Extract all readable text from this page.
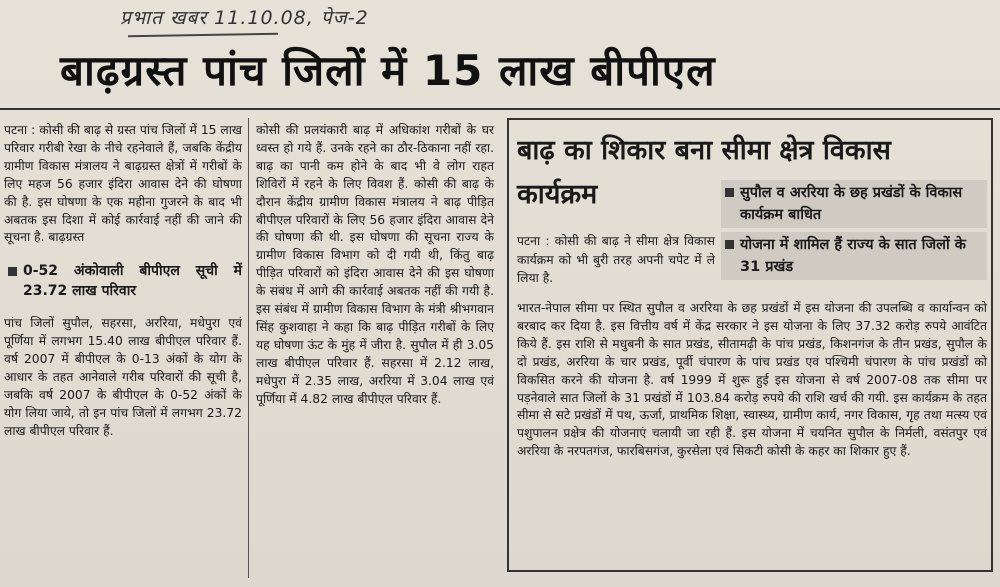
प्रभात खबर 11.10.08, पेज-2
बाढ़ग्रस्त पांच जिलों में 15 लाख बीपीएल

पटना : कोसी की बाढ़ से ग्रस्त पांच जिलों में 15 लाख परिवार गरीबी रेखा के नीचे रहनेवाले हैं, जबकि केंद्रीय ग्रामीण विकास मंत्रालय ने बाढ़ग्रस्त क्षेत्रों में गरीबों के लिए महज 56 हजार इंदिरा आवास देने की घोषणा की है. इस घोषणा के एक महीना गुजरने के बाद भी अबतक इस दिशा में कोई कार्रवाई नहीं की जाने की सूचना है. बाढ़ग्रस्त

0-52 अंकोवाली बीपीएल सूची में 23.72 लाख परिवार

पांच जिलों सुपौल, सहरसा, अररिया, मधेपुरा एवं पूर्णिया में लगभग 15.40 लाख बीपीएल परिवार हैं. वर्ष 2007 में बीपीएल के 0-13 अंकों के योग के आधार के तहत आनेवाले गरीब परिवारों की सूची है, जबकि वर्ष 2007 के बीपीएल के 0-52 अंकों के योग लिया जाये, तो इन पांच जिलों में लगभग 23.72 लाख बीपीएल परिवार हैं.

कोसी की प्रलयंकारी बाढ़ में अधिकांश गरीबों के घर ध्वस्त हो गये हैं. उनके रहने का ठौर-ठिकाना नहीं रहा. बाढ़ का पानी कम होने के बाद भी वे लोग राहत शिविरों में रहने के लिए विवश हैं. कोसी की बाढ़ के दौरान केंद्रीय ग्रामीण विकास मंत्रालय ने बाढ़ पीड़ित बीपीएल परिवारों के लिए 56 हजार इंदिरा आवास देने की घोषणा की थी. इस घोषणा की सूचना राज्य के ग्रामीण विकास विभाग को दी गयी थी, किंतु बाढ़ पीड़ित परिवारों को इंदिरा आवास देने की इस घोषणा के संबंध में आगे की कार्रवाई अबतक नहीं की गयी है. इस संबंध में ग्रामीण विकास विभाग के मंत्री श्रीभगवान सिंह कुशवाहा ने कहा कि बाढ़ पीड़ित गरीबों के लिए यह घोषणा ऊंट के मुंह में जीरा है. सुपौल में ही 3.05 लाख बीपीएल परिवार हैं. सहरसा में 2.12 लाख, मधेपुरा में 2.35 लाख, अररिया में 3.04 लाख एवं पूर्णिया में 4.82 लाख बीपीएल परिवार हैं.

बाढ़ का शिकार बना सीमा क्षेत्र विकास
कार्यक्रम	सुपौल व अररिया के छह प्रखंडों के विकास कार्यक्रम बाधित
योजना में शामिल हैं राज्य के सात जिलों के 31 प्रखंड
पटना : कोसी की बाढ़ ने सीमा क्षेत्र विकास कार्यक्रम को भी बुरी तरह अपनी चपेट में ले लिया है.
भारत-नेपाल सीमा पर स्थित सुपौल व अररिया के छह प्रखंडों में इस योजना की उपलब्धि व कार्यान्वन को बरबाद कर दिया है. इस वित्तीय वर्ष में केंद्र सरकार ने इस योजना के लिए 37.32 करोड़ रुपये आवंटित किये हैं. इस राशि से मधुबनी के सात प्रखंड, सीतामढ़ी के पांच प्रखंड, किशनगंज के तीन प्रखंड, सुपौल के दो प्रखंड, अररिया के चार प्रखंड, पूर्वी चंपारण के पांच प्रखंड एवं पश्चिमी चंपारण के पांच प्रखंडों को विकसित करने की योजना है. वर्ष 1999 में शुरू हुई इस योजना से वर्ष 2007-08 तक सीमा पर पड़नेवाले सात जिलों के 31 प्रखंडों में 103.84 करोड़ रुपये की राशि खर्च की गयी. इस कार्यक्रम के तहत सीमा से सटे प्रखंडों में पथ, ऊर्जा, प्राथमिक शिक्षा, स्वास्थ्य, ग्रामीण कार्य, नगर विकास, गृह तथा मत्स्य एवं पशुपालन प्रक्षेत्र की योजनाएं चलायी जा रही हैं. इस योजना में चयनित सुपौल के निर्मली, वसंतपुर एवं अररिया के नरपतगंज, फारबिसगंज, कुरसेला एवं सिकटी कोसी के कहर का शिकार हुए हैं.
